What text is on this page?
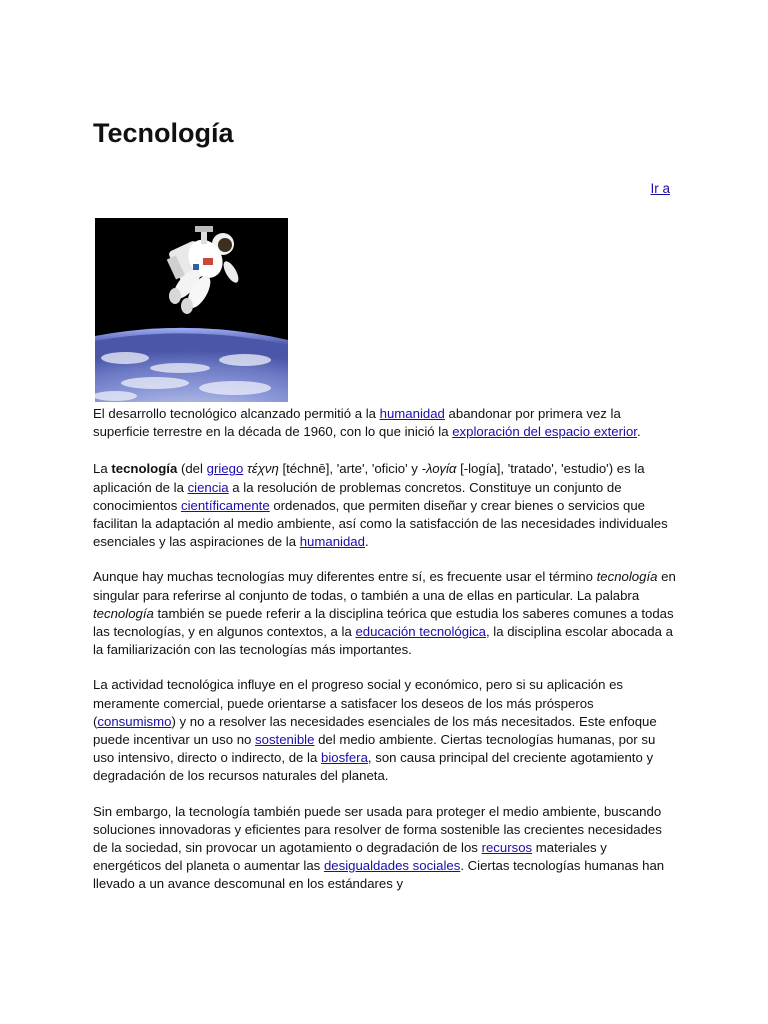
Tecnología
Ir a

El desarrollo tecnológico alcanzado permitió a la humanidad abandonar por primera vez la superficie terrestre en la década de 1960, con lo que inició la exploración del espacio exterior.

La tecnología (del griego τέχνη [téchnē], 'arte', 'oficio' y -λογία [-logía], 'tratado', 'estudio') es la aplicación de la ciencia a la resolución de problemas concretos. Constituye un conjunto de conocimientos científicamente ordenados, que permiten diseñar y crear bienes o servicios que facilitan la adaptación al medio ambiente, así como la satisfacción de las necesidades individuales esenciales y las aspiraciones de la humanidad.

Aunque hay muchas tecnologías muy diferentes entre sí, es frecuente usar el término tecnología en singular para referirse al conjunto de todas, o también a una de ellas en particular. La palabra tecnología también se puede referir a la disciplina teórica que estudia los saberes comunes a todas las tecnologías, y en algunos contextos, a la educación tecnológica, la disciplina escolar abocada a la familiarización con las tecnologías más importantes.

La actividad tecnológica influye en el progreso social y económico, pero si su aplicación es meramente comercial, puede orientarse a satisfacer los deseos de los más prósperos (consumismo) y no a resolver las necesidades esenciales de los más necesitados. Este enfoque puede incentivar un uso no sostenible del medio ambiente. Ciertas tecnologías humanas, por su uso intensivo, directo o indirecto, de la biosfera, son causa principal del creciente agotamiento y degradación de los recursos naturales del planeta.

Sin embargo, la tecnología también puede ser usada para proteger el medio ambiente, buscando soluciones innovadoras y eficientes para resolver de forma sostenible las crecientes necesidades de la sociedad, sin provocar un agotamiento o degradación de los recursos materiales y energéticos del planeta o aumentar las desigualdades sociales. Ciertas tecnologías humanas han llevado a un avance descomunal en los estándares y
